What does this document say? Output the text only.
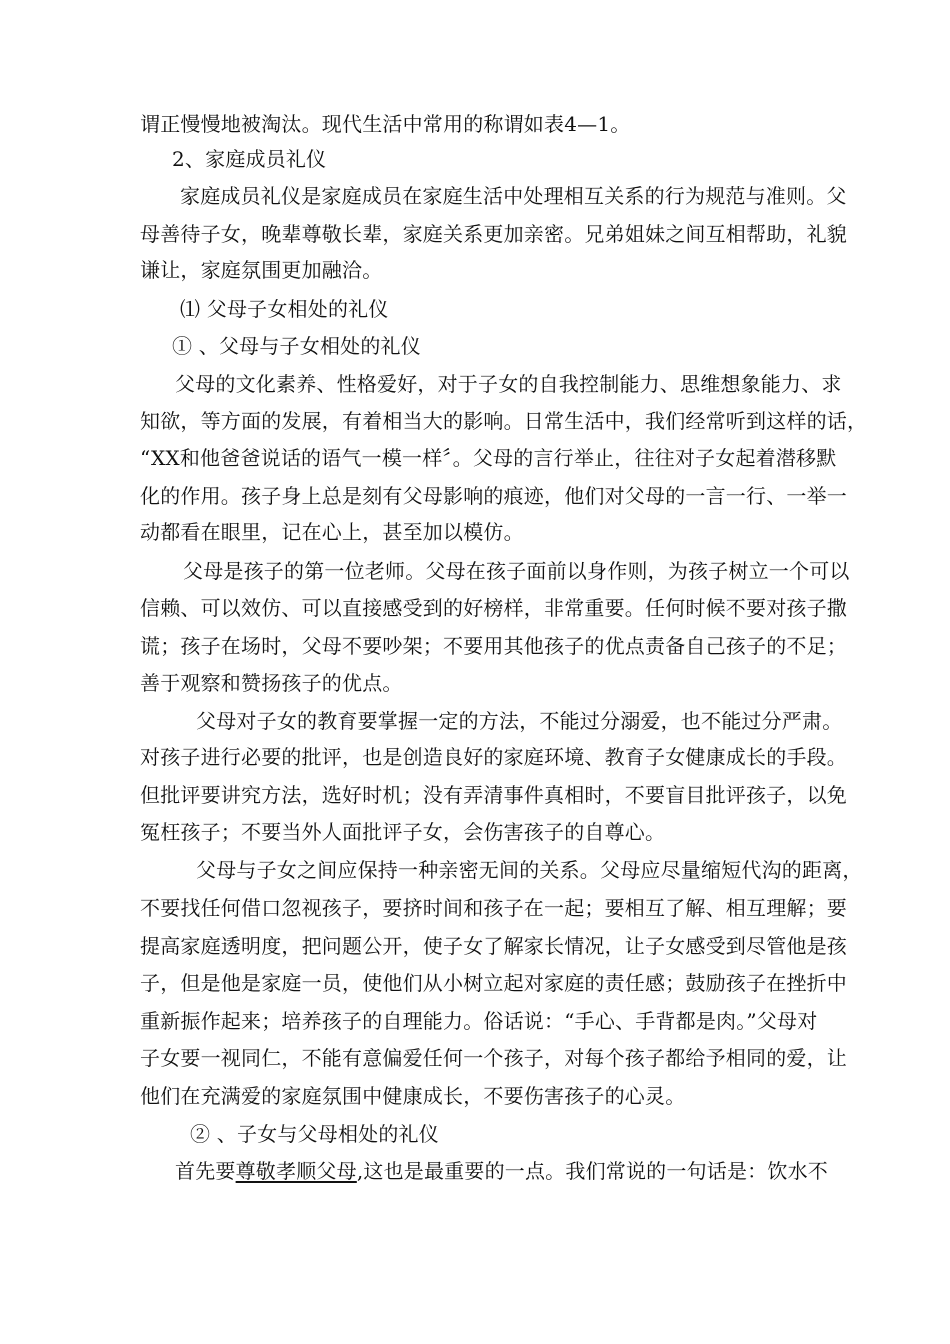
谓正慢慢地被淘汰。现代生活中常用的称谓如表4—1。
2、家庭成员礼仪
家庭成员礼仪是家庭成员在家庭生活中处理相互关系的行为规范与准则。父
母善待子女，晚辈尊敬长辈，家庭关系更加亲密。兄弟姐妹之间互相帮助，礼貌
谦让，家庭氛围更加融洽。
⑴ 父母子女相处的礼仪
① 、父母与子女相处的礼仪
父母的文化素养、性格爱好，对于子女的自我控制能力、思维想象能力、求
知欲，等方面的发展，有着相当大的影响。日常生活中，我们经常听到这样的话，
“XX和他爸爸说话的语气一模一样〞。父母的言行举止，往往对子女起着潜移默
化的作用。孩子身上总是刻有父母影响的痕迹，他们对父母的一言一行、一举一
动都看在眼里，记在心上，甚至加以模仿。
父母是孩子的第一位老师。父母在孩子面前以身作则，为孩子树立一个可以
信赖、可以效仿、可以直接感受到的好榜样，非常重要。任何时候不要对孩子撒
谎；孩子在场时，父母不要吵架；不要用其他孩子的优点责备自己孩子的不足；
善于观察和赞扬孩子的优点。
父母对子女的教育要掌握一定的方法，不能过分溺爱，也不能过分严肃。
对孩子进行必要的批评，也是创造良好的家庭环境、教育子女健康成长的手段。
但批评要讲究方法，选好时机；没有弄清事件真相时，不要盲目批评孩子，以免
冤枉孩子；不要当外人面批评子女，会伤害孩子的自尊心。
父母与子女之间应保持一种亲密无间的关系。父母应尽量缩短代沟的距离，
不要找任何借口忽视孩子，要挤时间和孩子在一起；要相互了解、相互理解；要
提高家庭透明度，把问题公开，使子女了解家长情况，让子女感受到尽管他是孩
子，但是他是家庭一员，使他们从小树立起对家庭的责任感；鼓励孩子在挫折中
重新振作起来；培养孩子的自理能力。俗话说：“手心、手背都是肉。”父母对
子女要一视同仁，不能有意偏爱任何一个孩子，对每个孩子都给予相同的爱，让
他们在充满爱的家庭氛围中健康成长，不要伤害孩子的心灵。
② 、子女与父母相处的礼仪
首先要尊敬孝顺父母,这也是最重要的一点。我们常说的一句话是：饮水不
